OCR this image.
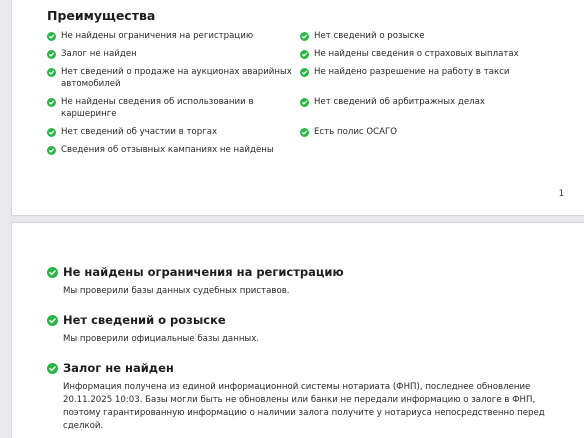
Преимущества
Не найдены ограничения на регистрацию
Залог не найден
Нет сведений о продаже на аукционах аварийных автомобилей
Не найдены сведения об использовании в каршеринге
Нет сведений об участии в торгах
Сведения об отзывных кампаниях не найдены
Нет сведений о розыске
Не найдены сведения о страховых выплатах
Не найдено разрешение на работу в такси
Нет сведений об арбитражных делах
Есть полис ОСАГО
1
Не найдены ограничения на регистрацию
Мы проверили базы данных судебных приставов.
Нет сведений о розыске
Мы проверили официальные базы данных.
Залог не найден
Информация получена из единой информационной системы нотариата (ФНП), последнее обновление 20.11.2025 10:03. Базы могли быть не обновлены или банки не передали информацию о залоге в ФНП, поэтому гарантированную информацию о наличии залога получите у нотариуса непосредственно перед сделкой.
